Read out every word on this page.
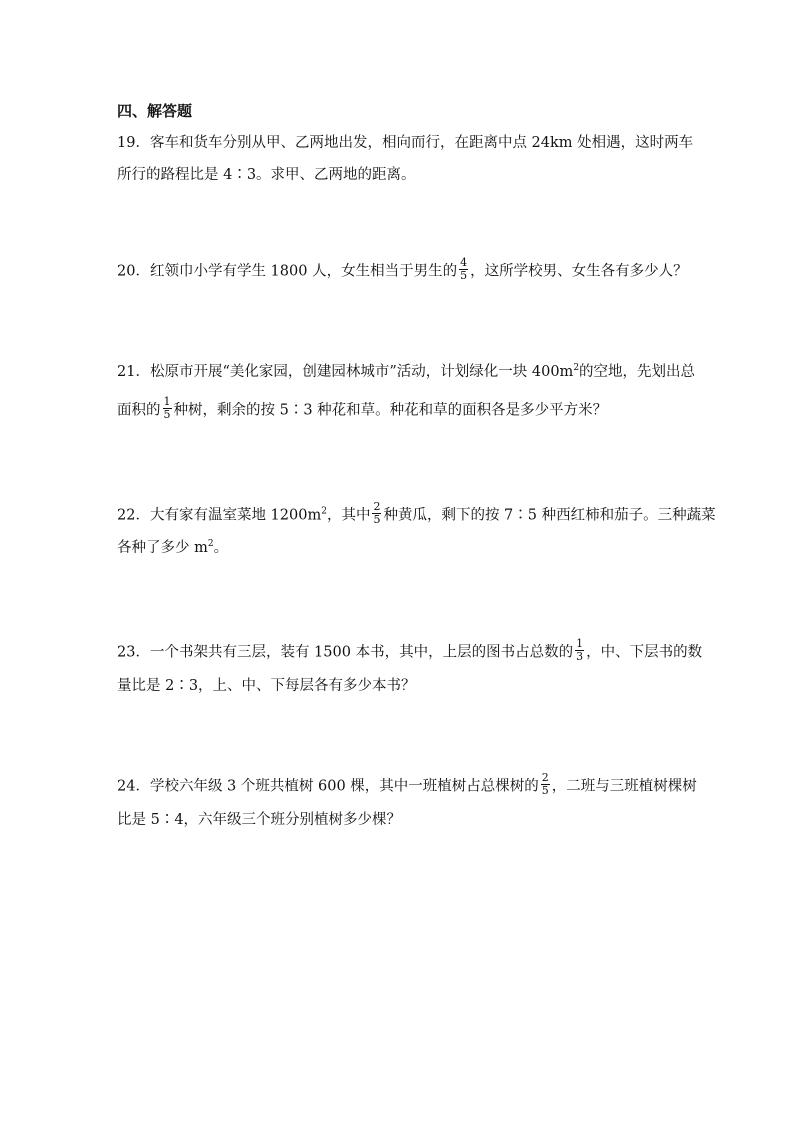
四、解答题
19．客车和货车分别从甲、乙两地出发，相向而行，在距离中点 24km 处相遇，这时两车
所行的路程比是 4∶3。求甲、乙两地的距离。
20．红领巾小学有学生 1800 人，女生相当于男生的 $\frac{4}{5}$ ，这所学校男、女生各有多少人？
21．松原市开展“美化家园，创建园林城市”活动，计划绿化一块 $400m^2$的空地，先划出总
面积的 $\frac{1}{5}$ 种树，剩余的按 5∶3 种花和草。种花和草的面积各是多少平方米？
22．大有家有温室菜地 $1200m^2$，其中 $\frac{2}{5}$ 种黄瓜，剩下的按 7∶5 种西红柿和茄子。三种蔬菜
各种了多少 $m^2$。
23．一个书架共有三层，装有 1500 本书，其中，上层的图书占总数的 $\frac{1}{3}$ ，中、下层书的数
量比是 2∶3，上、中、下每层各有多少本书？
24．学校六年级 3 个班共植树 600 棵，其中一班植树占总棵树的 $\frac{2}{5}$ ，二班与三班植树棵树
比是 5∶4，六年级三个班分别植树多少棵？
